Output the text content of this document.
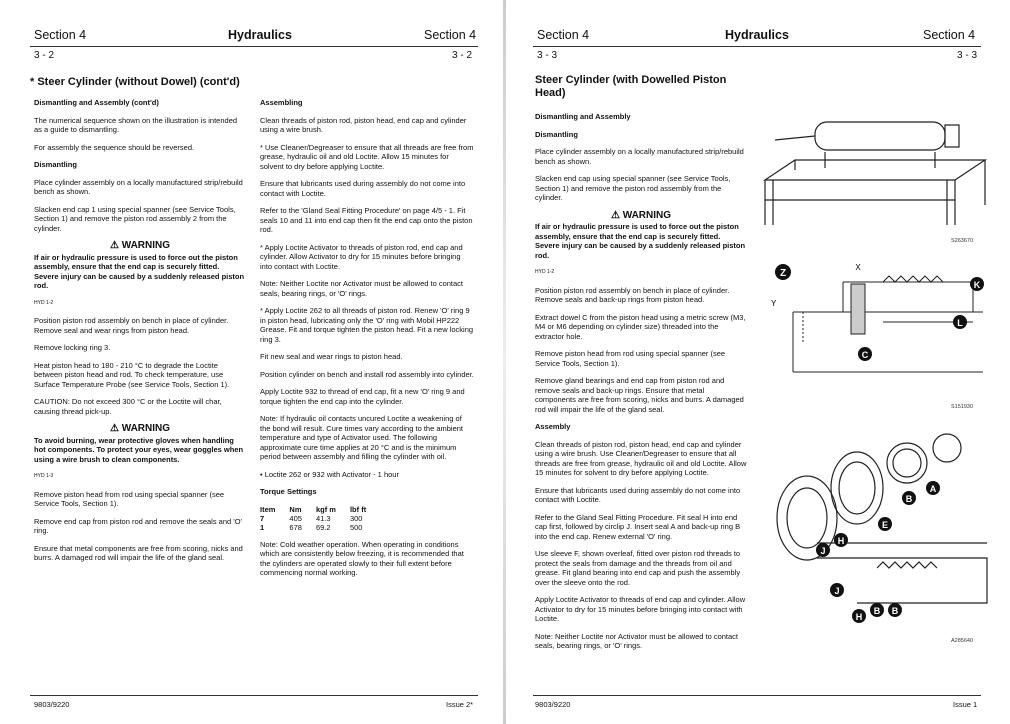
Section 4	Hydraulics	Section 4
3 - 2	3 - 2
* Steer Cylinder (without Dowel) (cont'd)
Dismantling and Assembly (cont'd)

The numerical sequence shown on the illustration is intended as a guide to dismantling.

For assembly the sequence should be reversed.

Dismantling

Place cylinder assembly on a locally manufactured strip/rebuild bench as shown.

Slacken end cap 1 using special spanner (see Service Tools, Section 1) and remove the piston rod assembly 2 from the cylinder.

⚠ WARNING

If air or hydraulic pressure is used to force out the piston assembly, ensure that the end cap is securely fitted. Severe injury can be caused by a suddenly released piston rod.

HYD 1-2

Position piston rod assembly on bench in place of cylinder. Remove seal and wear rings from piston head.

Remove locking ring 3.

Heat piston head to 180 - 210 °C to degrade the Loctite between piston head and rod. To check temperature, use Surface Temperature Probe (see Service Tools, Section 1).

CAUTION: Do not exceed 300 °C or the Loctite will char, causing thread pick-up.

⚠ WARNING

To avoid burning, wear protective gloves when handling hot components. To protect your eyes, wear goggles when using a wire brush to clean components.

HYD 1-3

Remove piston head from rod using special spanner (see Service Tools, Section 1).

Remove end cap from piston rod and remove the seals and 'O' ring.

Ensure that metal components are free from scoring, nicks and burrs. A damaged rod will impair the life of the gland seal.

Assembling

Clean threads of piston rod, piston head, end cap and cylinder using a wire brush.

* Use Cleaner/Degreaser to ensure that all threads are free from grease, hydraulic oil and old Loctite. Allow 15 minutes for solvent to dry before applying Loctite.

Ensure that lubricants used during assembly do not come into contact with Loctite.

Refer to the 'Gland Seal Fitting Procedure' on page 4/5 - 1. Fit seals 10 and 11 into end cap then fit the end cap onto the piston rod.

* Apply Loctite Activator to threads of piston rod, end cap and cylinder. Allow Activator to dry for 15 minutes before bringing into contact with Loctite.

Note: Neither Loctite nor Activator must be allowed to contact seals, bearing rings, or 'O' rings.

* Apply Loctite 262 to all threads of piston rod. Renew 'O' ring 9 in piston head, lubricating only the 'O' ring with Mobil HP222 Grease. Fit and torque tighten the piston head. Fit a new locking ring 3.

Fit new seal and wear rings to piston head.

Position cylinder on bench and install rod assembly into cylinder.

Apply Loctite 932 to thread of end cap, fit a new 'O' ring 9 and torque tighten the end cap into the cylinder.

Note: If hydraulic oil contacts uncured Loctite a weakening of the bond will result. Cure times vary according to the ambient temperature and type of Activator used. The following approximate cure time applies at 20 °C and is the minimum period between assembly and filling the cylinder with oil.

• Loctite 262 or 932 with Activator - 1 hour

Torque Settings
Item	Nm	kgf m	lbf ft
7	405	41.3	300
1	678	69.2	500

Note: Cold weather operation. When operating in conditions which are consistently below freezing, it is recommended that the cylinders are operated slowly to their full extent before commencing normal working.

9803/9220	Issue 2*
Section 4	Hydraulics	Section 4
3 - 3	3 - 3
Steer Cylinder (with Dowelled Piston Head)
Dismantling and Assembly
Dismantling

Place cylinder assembly on a locally manufactured strip/rebuild bench as shown.

Slacken end cap using special spanner (see Service Tools, Section 1) and remove the piston rod assembly from the cylinder.

⚠ WARNING

If air or hydraulic pressure is used to force out the piston assembly, ensure that the end cap is securely fitted. Severe injury can be caused by a suddenly released piston rod.

HYD 1-2

Position piston rod assembly on bench in place of cylinder. Remove seals and back-up rings from piston head.

Extract dowel C from the piston head using a metric screw (M3, M4 or M6 depending on cylinder size) threaded into the extractor hole.

Remove piston head from rod using special spanner (see Service Tools, Section 1).

Remove gland bearings and end cap from piston rod and remove seals and back-up rings. Ensure that metal components are free from scoring, nicks and burrs. A damaged rod will impair the life of the gland seal.

Assembly

Clean threads of piston rod, piston head, end cap and cylinder using a wire brush. Use Cleaner/Degreaser to ensure that all threads are free from grease, hydraulic oil and old Loctite. Allow 15 minutes for solvent to dry before applying Loctite.

Ensure that lubricants used during assembly do not come into contact with Loctite.

Refer to the Gland Seal Fitting Procedure. Fit seal H into end cap first, followed by circlip J. Insert seal A and back-up ring B into the end cap. Renew external 'O' ring.

Use sleeve F, shown overleaf, fitted over piston rod threads to protect the seals from damage and the threads from oil and grease. Fit gland bearing into end cap and push the assembly over the sleeve onto the rod.

Apply Loctite Activator to threads of end cap and cylinder. Allow Activator to dry for 15 minutes before bringing into contact with Loctite.

Note: Neither Loctite nor Activator must be allowed to contact seals, bearing rings, or 'O' rings.

S263670
Z
X
Y
K
L
C
S151930
A
B
E
H
J
J
H
B B
A285640
9803/9220	Issue 1
